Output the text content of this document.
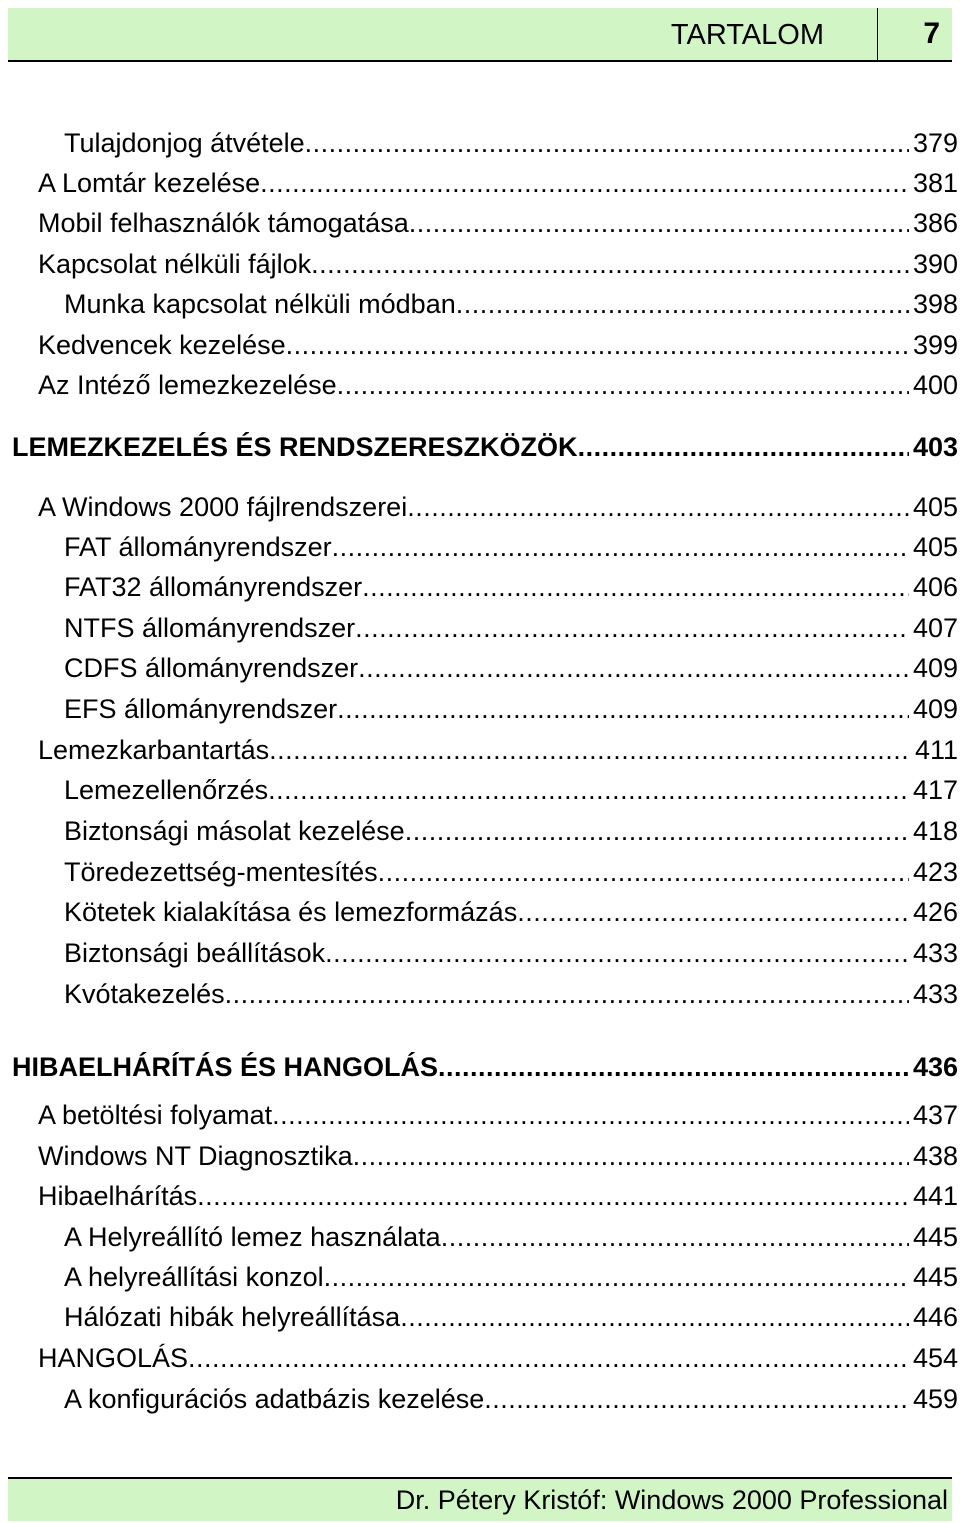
TARTALOM	7
Tulajdonjog átvétele .....	379
A Lomtár kezelése .....	381
Mobil felhasználók támogatása .....	386
Kapcsolat nélküli fájlok .....	390
Munka kapcsolat nélküli módban .....	398
Kedvencek kezelése .....	399
Az Intéző lemezkezelése .....	400
LEMEZKEZELÉS ÉS RENDSZERESZKÖZÖK .....	403
A Windows 2000 fájlrendszerei .....	405
FAT állományrendszer .....	405
FAT32 állományrendszer .....	406
NTFS állományrendszer .....	407
CDFS állományrendszer .....	409
EFS állományrendszer .....	409
Lemezkarbantartás .....	411
Lemezellenőrzés .....	417
Biztonsági másolat kezelése .....	418
Töredezettség-mentesítés .....	423
Kötetek kialakítása és lemezformázás .....	426
Biztonsági beállítások .....	433
Kvótakezelés .....	433
HIBAELHÁRÍTÁS ÉS HANGOLÁS .....	436
A betöltési folyamat .....	437
Windows NT Diagnosztika .....	438
Hibaelhárítás .....	441
A Helyreállító lemez használata .....	445
A helyreállítási konzol .....	445
Hálózati hibák helyreállítása .....	446
HANGOLÁS .....	454
A konfigurációs adatbázis kezelése .....	459
Dr. Pétery Kristóf: Windows 2000 Professional
